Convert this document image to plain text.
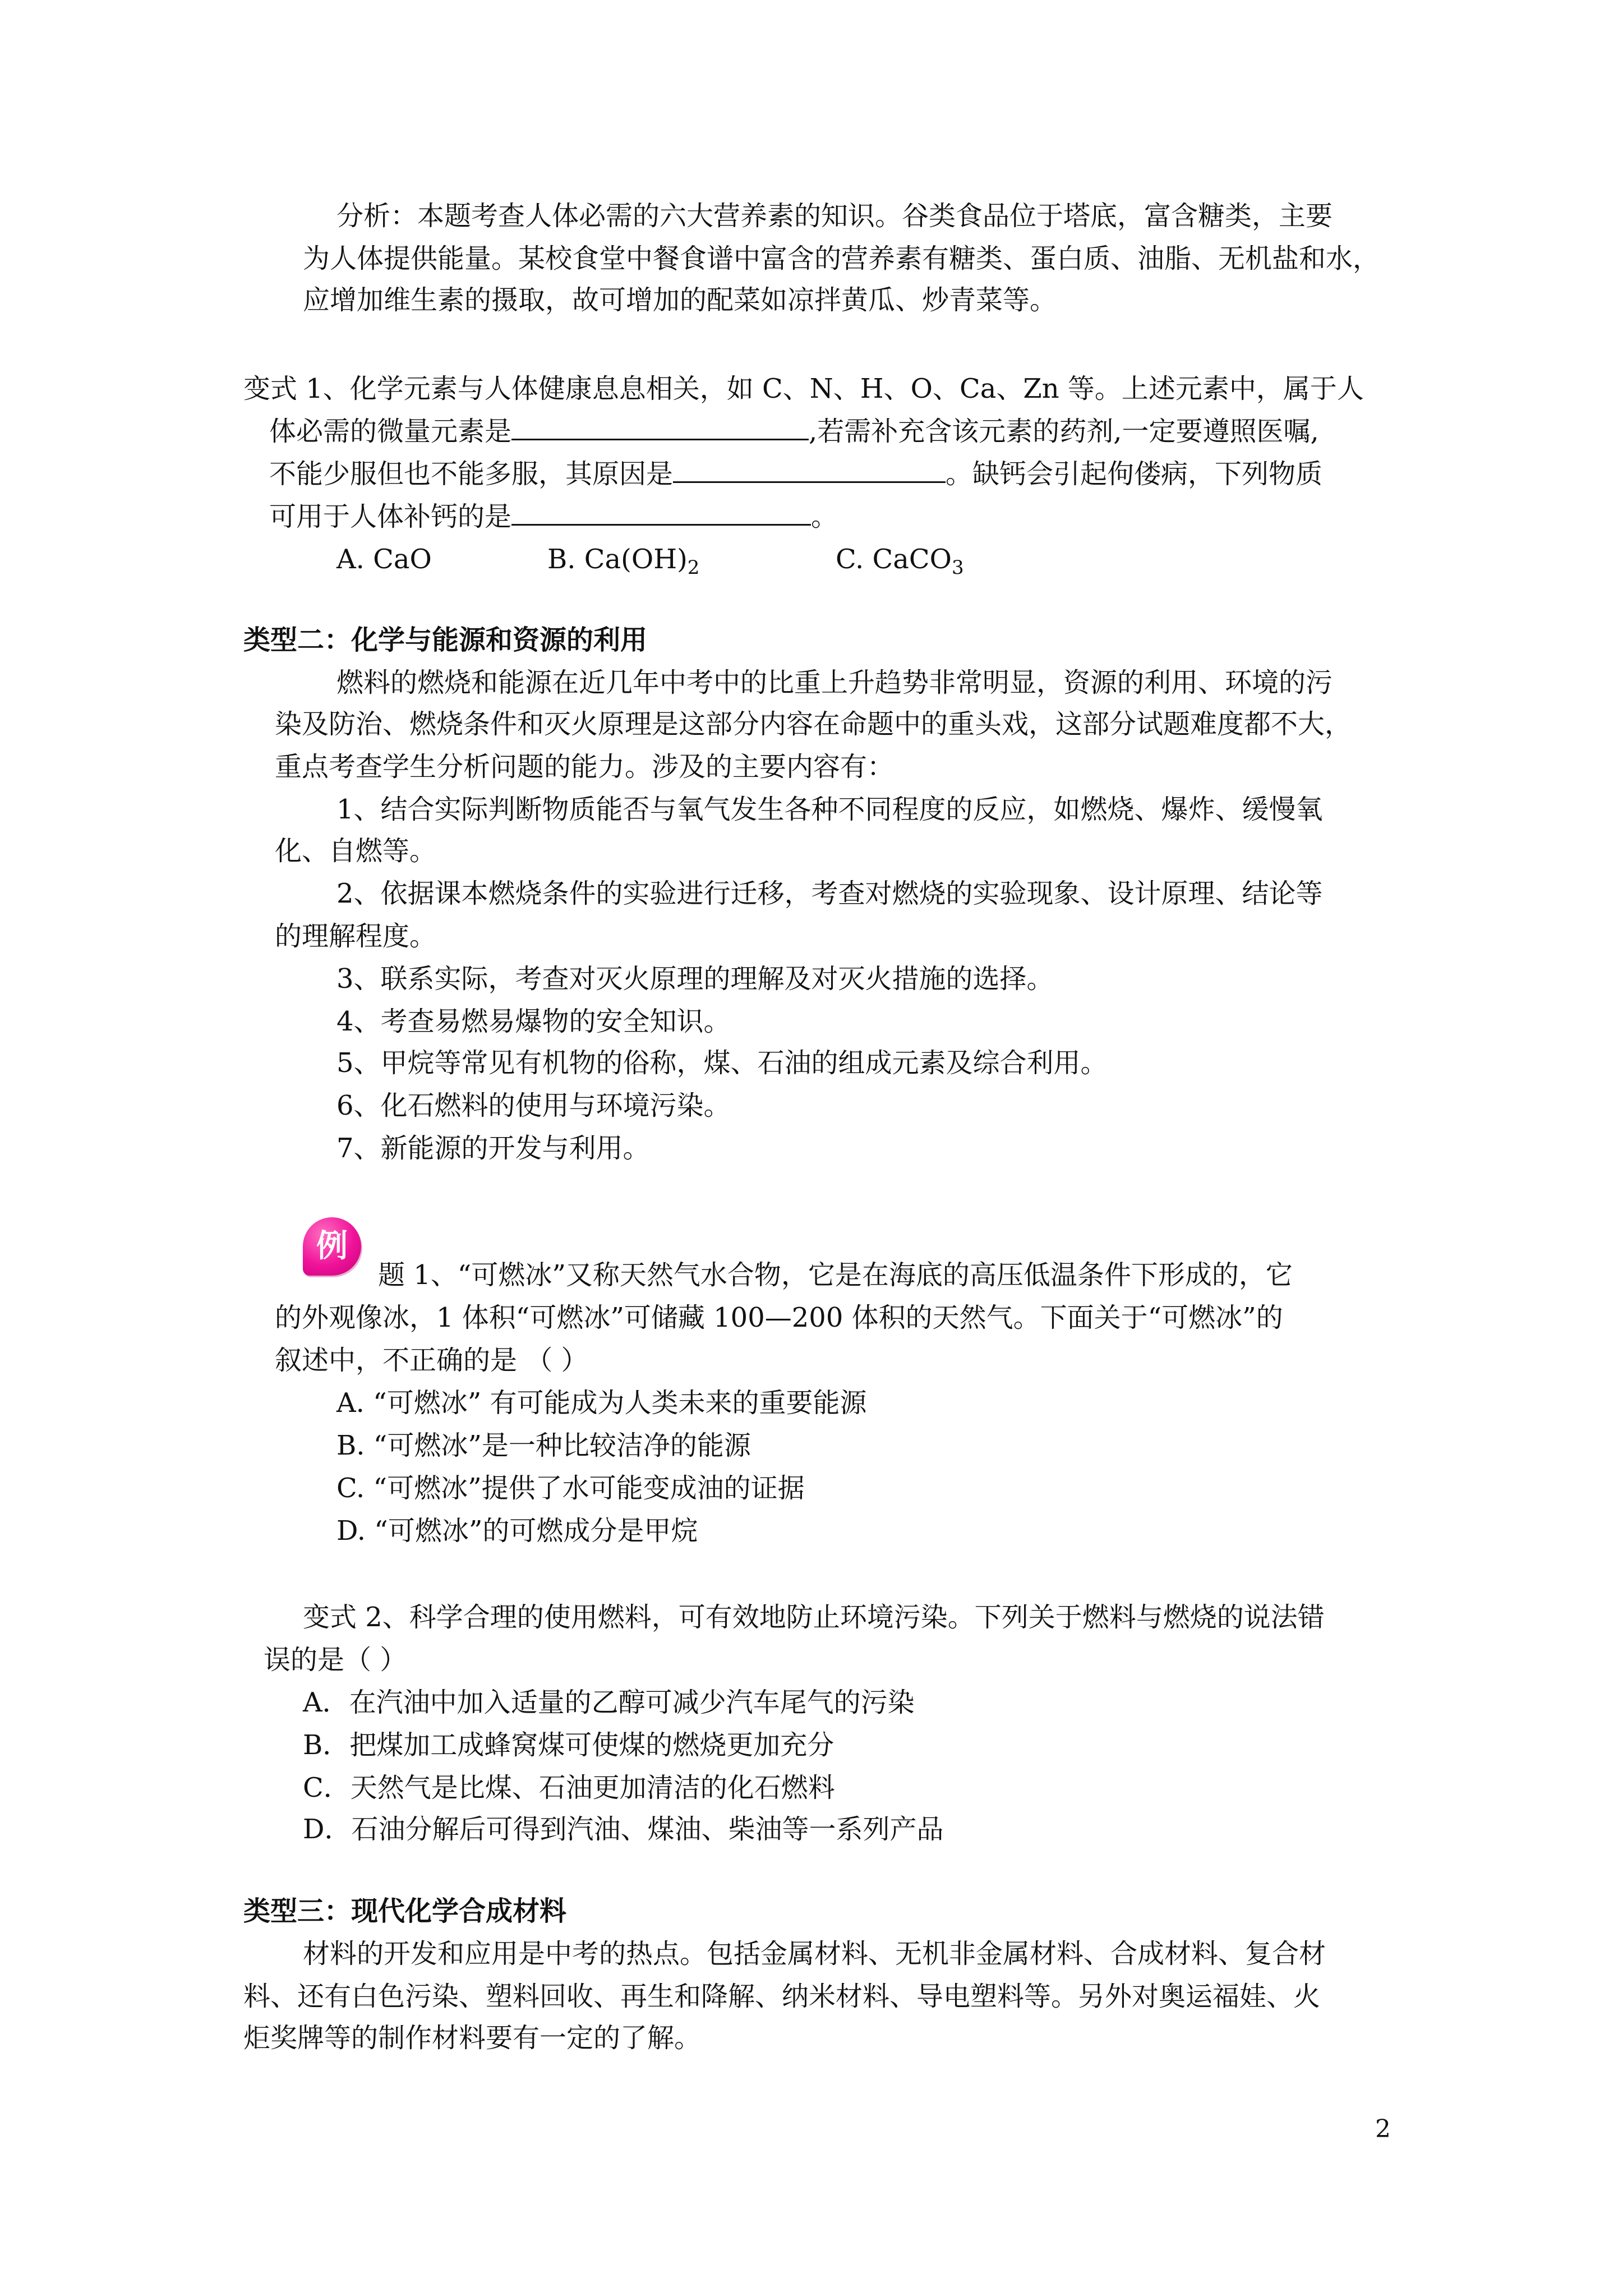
分析：本题考查人体必需的六大营养素的知识。谷类食品位于塔底，富含糖类，主要
为人体提供能量。某校食堂中餐食谱中富含的营养素有糖类、蛋白质、油脂、无机盐和水，
应增加维生素的摄取，故可增加的配菜如凉拌黄瓜、炒青菜等。
变式 1、化学元素与人体健康息息相关，如 C、N、H、O、Ca、Zn 等。上述元素中，属于人
体必需的微量元素是	,若需补充含该元素的药剂,一定要遵照医嘱,
不能少服但也不能多服，其原因是	。缺钙会引起佝偻病，下列物质
可用于人体补钙的是	。
A. CaO	B. $Ca(OH)_2$	C. CaCO$_3$
类型二：化学与能源和资源的利用
燃料的燃烧和能源在近几年中考中的比重上升趋势非常明显，资源的利用、环境的污
染及防治、燃烧条件和灭火原理是这部分内容在命题中的重头戏，这部分试题难度都不大，
重点考查学生分析问题的能力。涉及的主要内容有：
1、结合实际判断物质能否与氧气发生各种不同程度的反应，如燃烧、爆炸、缓慢氧
化、自燃等。
2、依据课本燃烧条件的实验进行迁移，考查对燃烧的实验现象、设计原理、结论等
的理解程度。
3、联系实际，考查对灭火原理的理解及对灭火措施的选择。
4、考查易燃易爆物的安全知识。
5、甲烷等常见有机物的俗称，煤、石油的组成元素及综合利用。
6、化石燃料的使用与环境污染。
7、新能源的开发与利用。
例
题 1、“可燃冰”又称天然气水合物，它是在海底的高压低温条件下形成的，它
的外观像冰，1 体积“可燃冰”可储藏 100—200 体积的天然气。下面关于“可燃冰”的
叙述中，不正确的是 （ ）
A. “可燃冰” 有可能成为人类未来的重要能源
B. “可燃冰”是一种比较洁净的能源
C. “可燃冰”提供了水可能变成油的证据
D. “可燃冰”的可燃成分是甲烷
变式 2、科学合理的使用燃料，可有效地防止环境污染。下列关于燃料与燃烧的说法错
误的是（ ）
A．在汽油中加入适量的乙醇可减少汽车尾气的污染
B．把煤加工成蜂窝煤可使煤的燃烧更加充分
C．天然气是比煤、石油更加清洁的化石燃料
D．石油分解后可得到汽油、煤油、柴油等一系列产品
类型三：现代化学合成材料
材料的开发和应用是中考的热点。包括金属材料、无机非金属材料、合成材料、复合材
料、还有白色污染、塑料回收、再生和降解、纳米材料、导电塑料等。另外对奥运福娃、火
炬奖牌等的制作材料要有一定的了解。
2
